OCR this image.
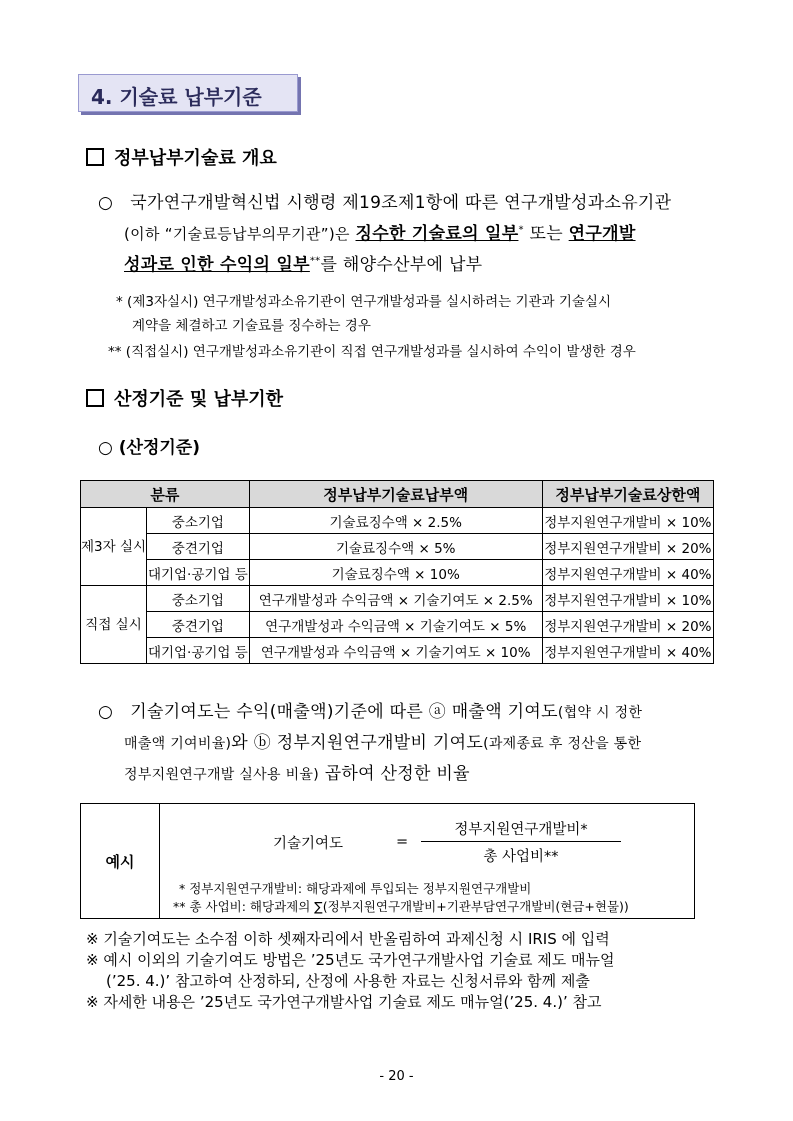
4. 기술료 납부기준
정부납부기술료 개요
○ 국가연구개발혁신법 시행령 제19조제1항에 따른 연구개발성과소유기관
(이하 “기술료등납부의무기관”)은 징수한 기술료의 일부* 또는 연구개발
성과로 인한 수익의 일부**를 해양수산부에 납부
* (제3자실시) 연구개발성과소유기관이 연구개발성과를 실시하려는 기관과 기술실시
계약을 체결하고 기술료를 징수하는 경우
** (직접실시) 연구개발성과소유기관이 직접 연구개발성과를 실시하여 수익이 발생한 경우
산정기준 및 납부기한
○ (산정기준)
분류		정부납부기술료납부액	정부납부기술료상한액
제3자 실시	중소기업	기술료징수액 × 2.5%	정부지원연구개발비 × 10%
	중견기업	기술료징수액 × 5%	정부지원연구개발비 × 20%
	대기업·공기업 등	기술료징수액 × 10%	정부지원연구개발비 × 40%
직접 실시	중소기업	연구개발성과 수익금액 × 기술기여도 × 2.5%	정부지원연구개발비 × 10%
	중견기업	연구개발성과 수익금액 × 기술기여도 × 5%	정부지원연구개발비 × 20%
	대기업·공기업 등	연구개발성과 수익금액 × 기술기여도 × 10%	정부지원연구개발비 × 40%
○ 기술기여도는 수익(매출액)기준에 따른 ⓐ 매출액 기여도(협약 시 정한
매출액 기여비율)와 ⓑ 정부지원연구개발비 기여도(과제종료 후 정산을 통한
정부지원연구개발 실사용 비율) 곱하여 산정한 비율
예시
기술기여도	=
정부지원연구개발비*
총 사업비**
* 정부지원연구개발비: 해당과제에 투입되는 정부지원연구개발비
** 총 사업비: 해당과제의 ∑(정부지원연구개발비+기관부담연구개발비(현금+현물))
※ 기술기여도는 소수점 이하 셋째자리에서 반올림하여 과제신청 시 IRIS 에 입력
※ 예시 이외의 기술기여도 방법은 ’25년도 국가연구개발사업 기술료 제도 매뉴얼
(’25. 4.)’ 참고하여 산정하되, 산정에 사용한 자료는 신청서류와 함께 제출
※ 자세한 내용은 ’25년도 국가연구개발사업 기술료 제도 매뉴얼(’25. 4.)’ 참고
- 20 -
